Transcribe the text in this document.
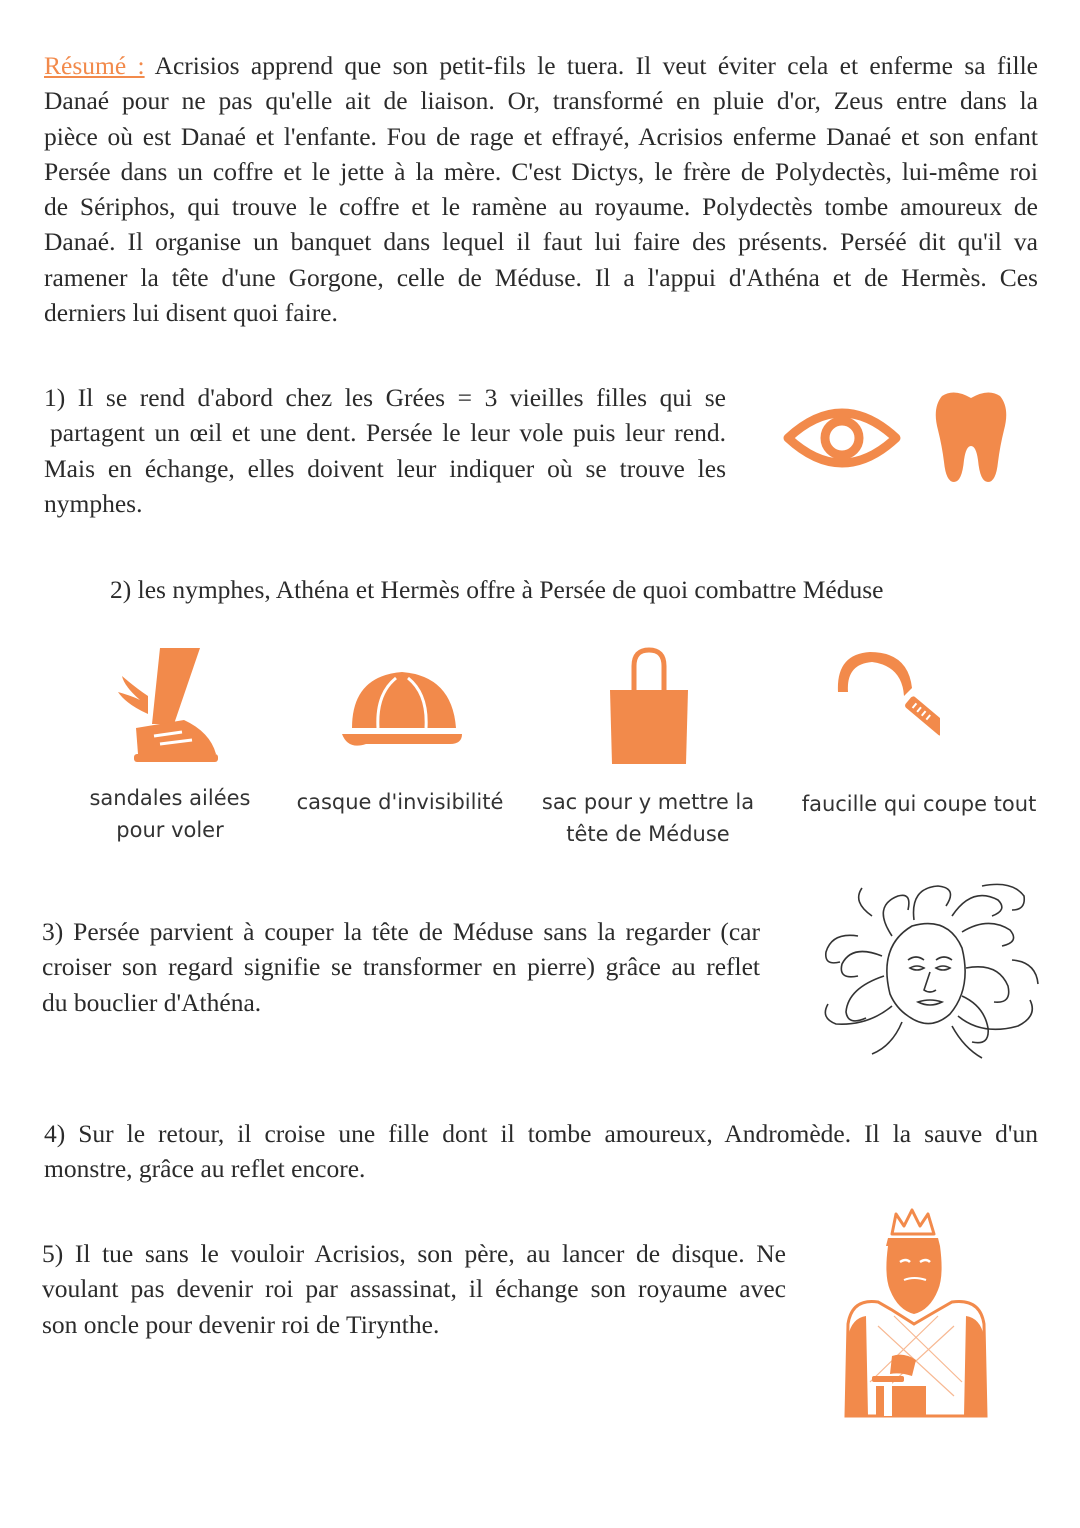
Résumé : Acrisios apprend que son petit-fils le tuera. Il veut éviter cela et enferme sa fille
Danaé pour ne pas qu'elle ait de liaison. Or, transformé en pluie d'or, Zeus entre dans la
pièce où est Danaé et l'enfante. Fou de rage et effrayé, Acrisios enferme Danaé et son enfant
Persée dans un coffre et le jette à la mère. C'est Dictys, le frère de Polydectès, lui-même roi
de Sériphos, qui trouve le coffre et le ramène au royaume. Polydectès tombe amoureux de
Danaé. Il organise un banquet dans lequel il faut lui faire des présents. Perséé dit qu'il va
ramener la tête d'une Gorgone, celle de Méduse. Il a l'appui d'Athéna et de Hermès. Ces
derniers lui disent quoi faire.
1) Il se rend d'abord chez les Grées = 3 vieilles filles qui se
partagent un œil et une dent. Persée le leur vole puis leur rend.
Mais en échange, elles doivent leur indiquer où se trouve les
nymphes.
2) les nymphes, Athéna et Hermès offre à Persée de quoi combattre Méduse
sandales ailées
pour voler
casque d'invisibilité	sac pour y mettre la
tête de Méduse
faucille qui coupe tout
3) Persée parvient à couper la tête de Méduse sans la regarder (car
croiser son regard signifie se transformer en pierre) grâce au reflet
du bouclier d'Athéna.
4) Sur le retour, il croise une fille dont il tombe amoureux, Andromède. Il la sauve d'un
monstre, grâce au reflet encore.
5) Il tue sans le vouloir Acrisios, son père, au lancer de disque. Ne
voulant pas devenir roi par assassinat, il échange son royaume avec
son oncle pour devenir roi de Tirynthe.
